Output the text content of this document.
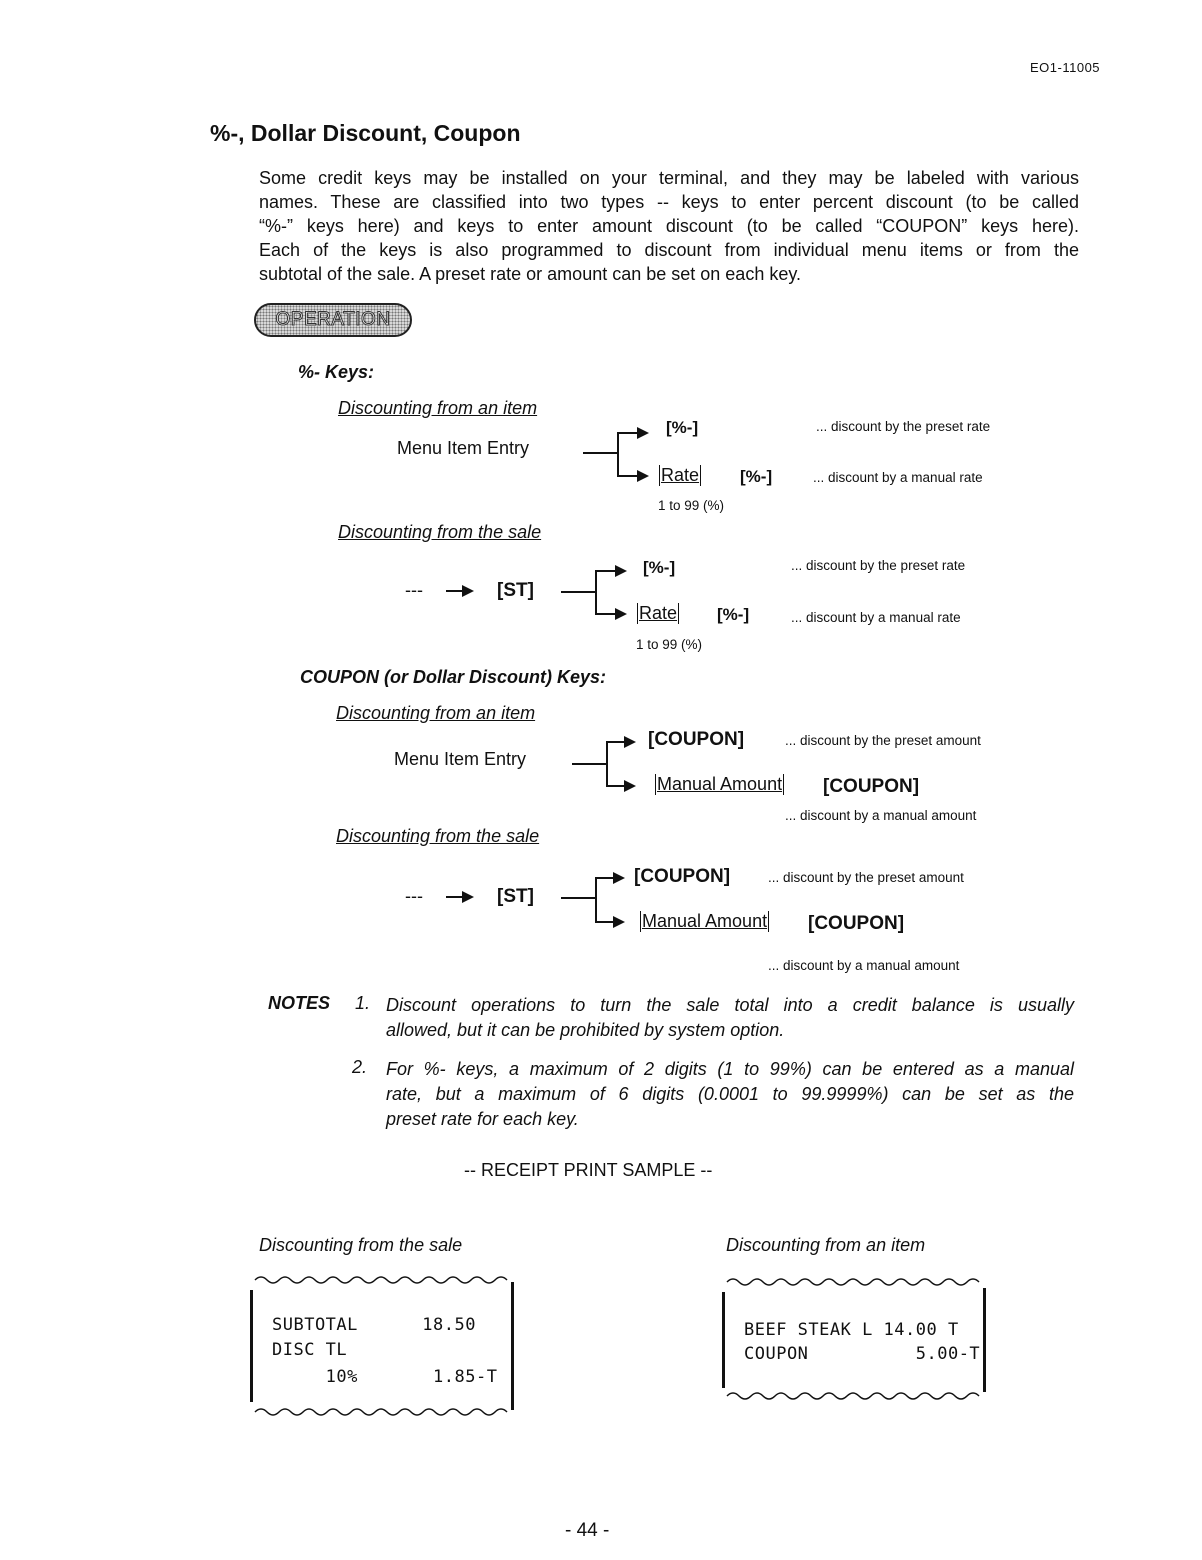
EO1-11005
%-, Dollar Discount, Coupon
Some credit keys may be installed on your terminal, and they may be labeled with various
names. These are classified into two types -- keys to enter percent discount (to be called
“%-” keys here) and keys to enter amount discount (to be called “COUPON” keys here).
Each of the keys is also programmed to discount from individual menu items or from the
subtotal of the sale. A preset rate or amount can be set on each key.
OPERATION
%- Keys:
Discounting from an item
Menu Item Entry
[%-]	... discount by the preset rate
Rate [%-]	... discount by a manual rate
1 to 99 (%)
Discounting from the sale
---	[ST]
[%-]	... discount by the preset rate
Rate [%-]	... discount by a manual rate
1 to 99 (%)
COUPON (or Dollar Discount) Keys:
Discounting from an item
Menu Item Entry
[COUPON]	... discount by the preset amount
Manual Amount [COUPON]
... discount by a manual amount
Discounting from the sale
---	[ST]
[COUPON]	... discount by the preset amount
Manual Amount [COUPON]
... discount by a manual amount
NOTES 1. Discount operations to turn the sale total into a credit balance is usually
allowed, but it can be prohibited by system option.
2. For %- keys, a maximum of 2 digits (1 to 99%) can be entered as a manual
rate, but a maximum of 6 digits (0.0001 to 99.9999%) can be set as the
preset rate for each key.
-- RECEIPT PRINT SAMPLE --
Discounting from the sale
SUBTOTAL      18.50
DISC TL
10%       1.85-T
Discounting from an item
BEEF STEAK L 14.00 T
COUPON          5.00-T
- 44 -
